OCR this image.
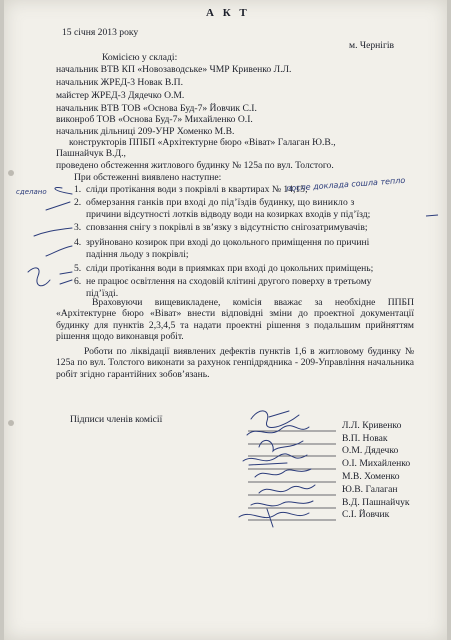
А К Т
15 січня 2013 року
м. Чернігів
Комісією у складі:
начальник ВТВ КП «Новозаводське» ЧМР Кривенко Л.Л.
начальник ЖРЕД-3 Новак В.П.
майстер ЖРЕД-3 Дядечко О.М.
начальник ВТВ ТОВ «Основа Буд-7» Йовчик С.І.
виконроб ТОВ «Основа Буд-7» Михайленко О.І.
начальник дільниці 209-УНР Хоменко М.В.
конструкторів ППБП «Архітектурне бюро «Віват» Галаган Ю.В.,
Пашнайчук В.Д.,
проведено обстеження житлового будинку № 125а по вул. Толстого.
При обстеженні виявлено наступне:
1. сліди протікання води з покрівлі в квартирах № 14,15;
2. обмерзання ганків при вході до під’їздів будинку, що виникло з
причини відсутності лотків відводу води на козирках входів у під’їзд;
3. сповзання снігу з покрівлі в зв’язку з відсутністю снігозатримувачів;
4. зруйновано козирок при вході до цокольного приміщення по причині
падіння льоду з покрівлі;
5. сліди протікання води в приямках при вході до цокольних приміщень;
6. не працює освітлення на сходовій клітині другого поверху в третьому
під’їзді.
Враховуючи вищевикладене, комісія вважає за необхідне ППБП «Архітектурне бюро «Віват» внести відповідні зміни до проектної документації будинку для пунктів 2,3,4,5 та надати проектні рішення з подальшим прийняттям рішення щодо виконавця робіт.
Роботи по ліквідації виявлених дефектів пунктів 1,6 в житловому будинку № 125а по вул. Толстого виконати за рахунок генпідрядника - 209-Управління начальника робіт згідно гарантійних зобов’язань.
Підписи членів комісії
Л.Л. Кривенко
В.П. Новак
О.М. Дядечко
О.І. Михайленко
М.В. Хоменко
Ю.В. Галаган
В.Д. Пашнайчук
С.І. Йовчик
после доклада сошла тепло
сделано
